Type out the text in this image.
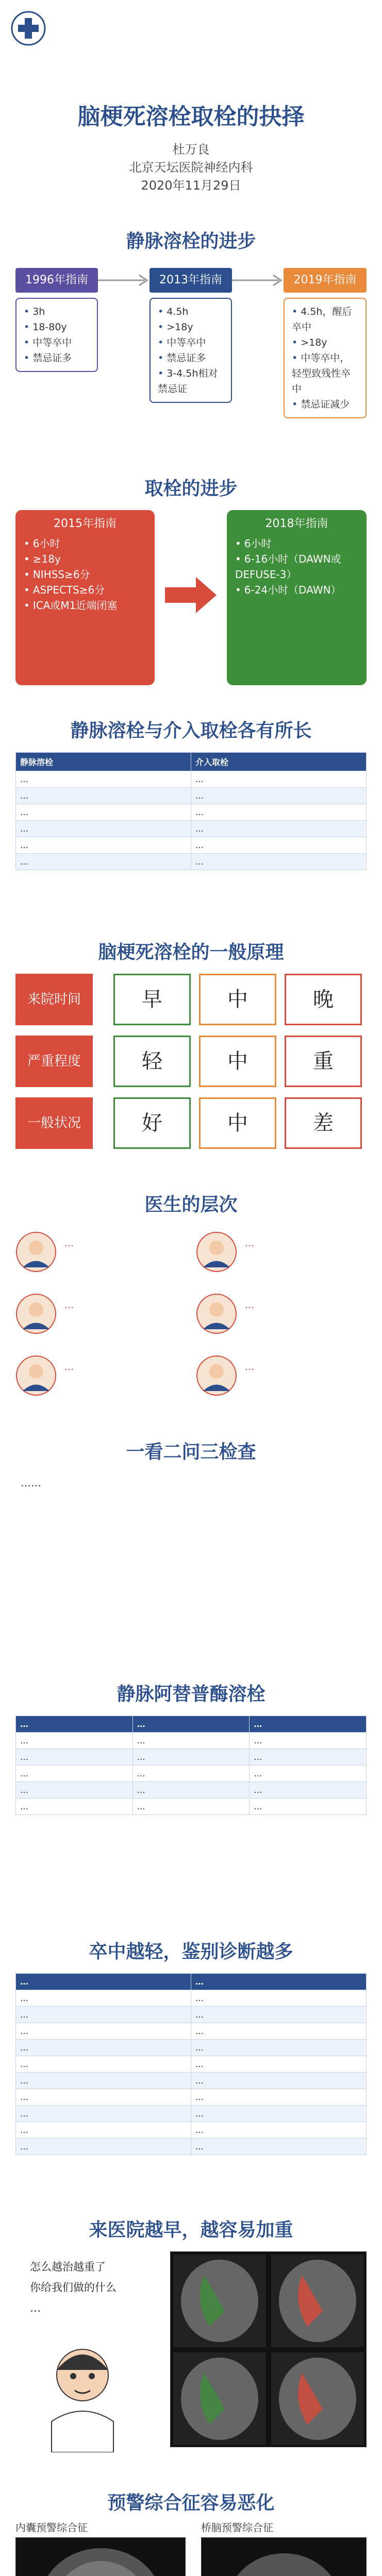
脑梗死溶栓取栓的抉择
杜万良
北京天坛医院神经内科
2020年11月29日
静脉溶栓的进步
1996年指南
• 3h
• 18-80y
• 中等卒中
• 禁忌证多
2013年指南
• 4.5h
• >18y
• 中等卒中
• 禁忌证多
• 3-4.5h相对禁忌证
2019年指南
• 4.5h，醒后卒中
• >18y
• 中等卒中，轻型致残性卒中
• 禁忌证减少
取栓的进步
2015年指南
• 6小时
• ≥18y
• NIHSS≥6分
• ASPECTS≥6分
• ICA或M1近端闭塞
2018年指南
• 6小时
• 6-16小时（DAWN或DEFUSE-3）
• 6-24小时（DAWN）
静脉溶栓与介入取栓各有所长
静脉溶栓	介入取栓
…	…
…	…
…	…
…	…
…	…
…	…
脑梗死溶栓的一般原理
来院时间	早	中	晚
严重程度	轻	中	重
一般状况	好	中	差
医生的层次
…	…
…	…
…	…
一看二问三检查
……
静脉阿替普酶溶栓
…	…	…
…	…	…
…	…	…
…	…	…
…	…	…
…	…	…
卒中越轻，鉴别诊断越多
…	…
…	…
…	…
…	…
…	…
…	…
…	…
…	…
…	…
…	…
…	…
来医院越早，越容易加重
怎么越治越重了
你给我们做的什么
…
预警综合征容易恶化
内囊预警综合征	桥脑预警综合征
